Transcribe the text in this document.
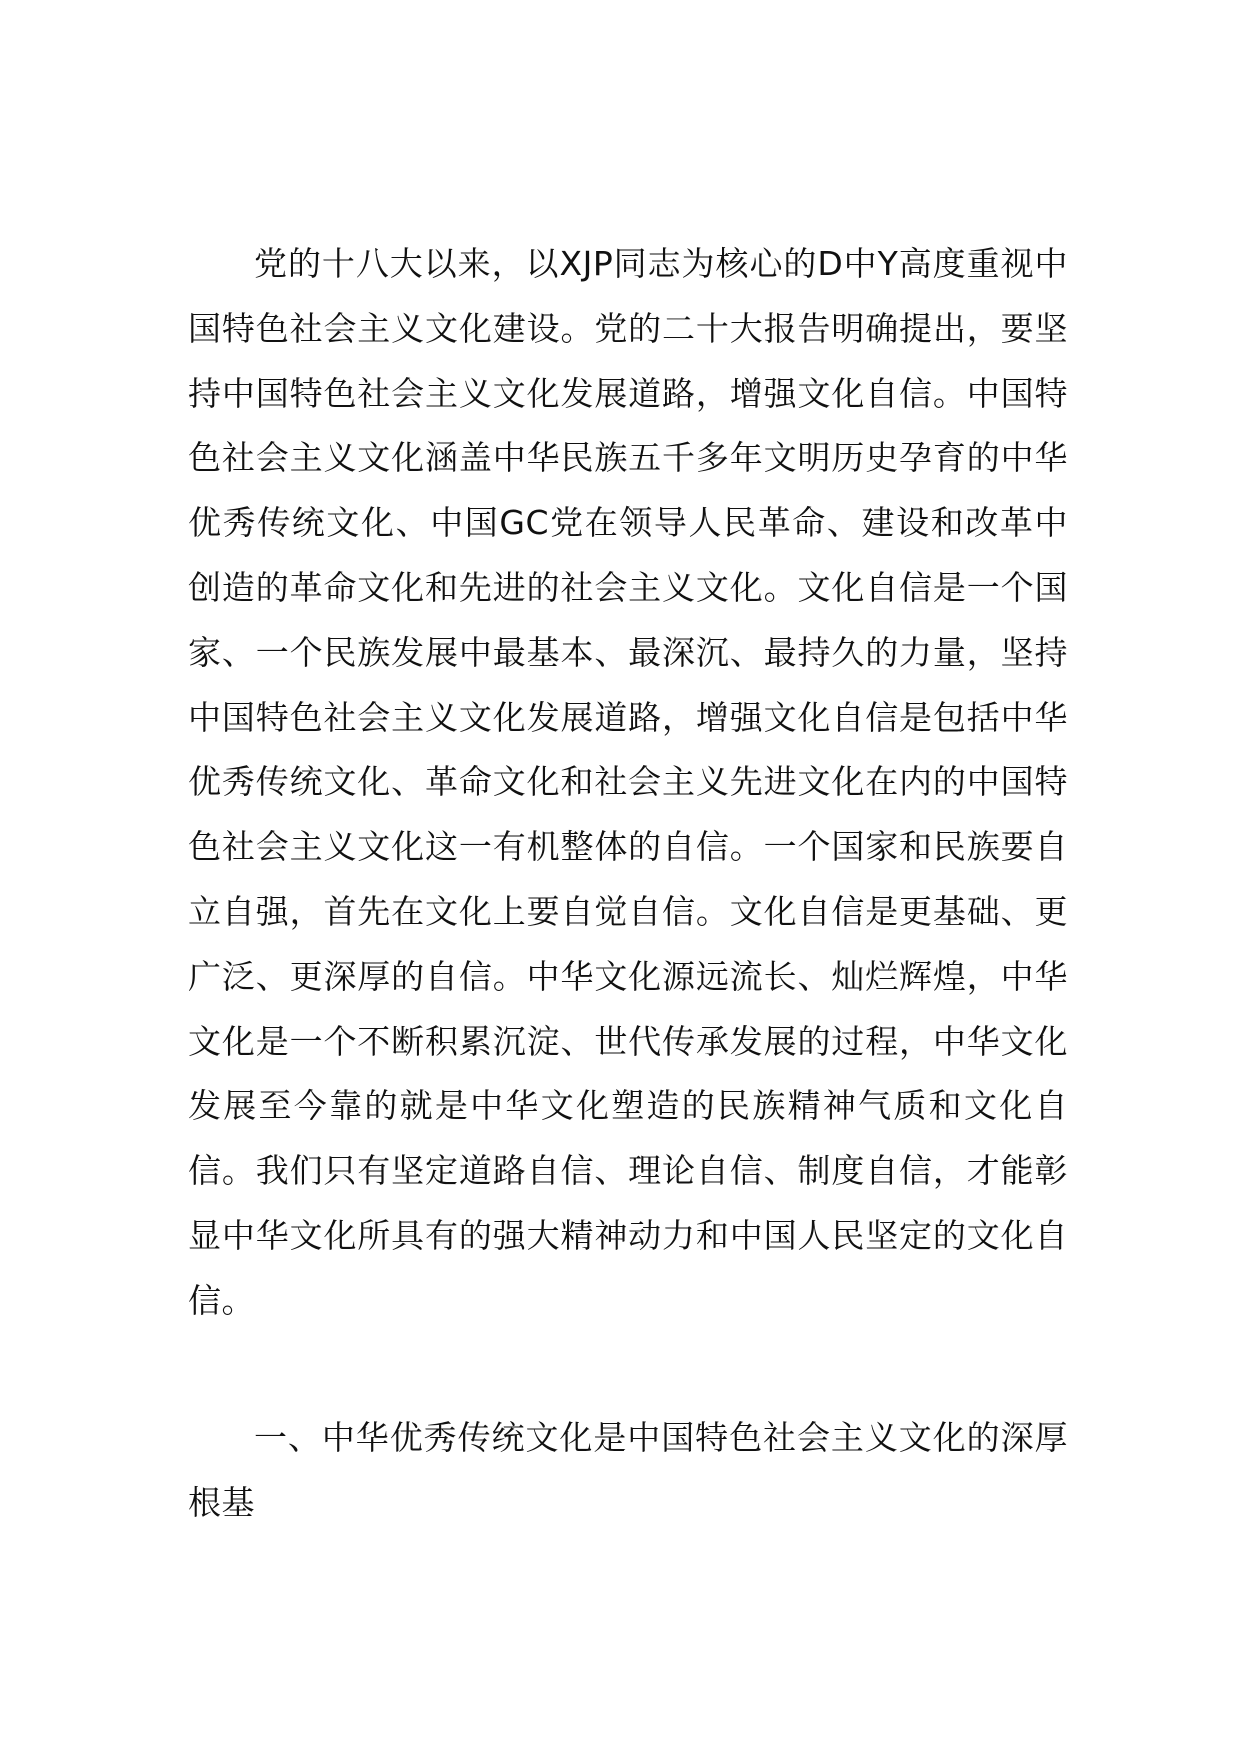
党的十八大以来，以XJP同志为核心的D中Y高度重视中国特色社会主义文化建设。党的二十大报告明确提出，要坚持中国特色社会主义文化发展道路，增强文化自信。中国特色社会主义文化涵盖中华民族五千多年文明历史孕育的中华优秀传统文化、中国GC党在领导人民革命、建设和改革中创造的革命文化和先进的社会主义文化。文化自信是一个国家、一个民族发展中最基本、最深沉、最持久的力量，坚持中国特色社会主义文化发展道路，增强文化自信是包括中华优秀传统文化、革命文化和社会主义先进文化在内的中国特色社会主义文化这一有机整体的自信。一个国家和民族要自立自强，首先在文化上要自觉自信。文化自信是更基础、更广泛、更深厚的自信。中华文化源远流长、灿烂辉煌，中华文化是一个不断积累沉淀、世代传承发展的过程，中华文化发展至今靠的就是中华文化塑造的民族精神气质和文化自信。我们只有坚定道路自信、理论自信、制度自信，才能彰显中华文化所具有的强大精神动力和中国人民坚定的文化自信。

一、中华优秀传统文化是中国特色社会主义文化的深厚根基
